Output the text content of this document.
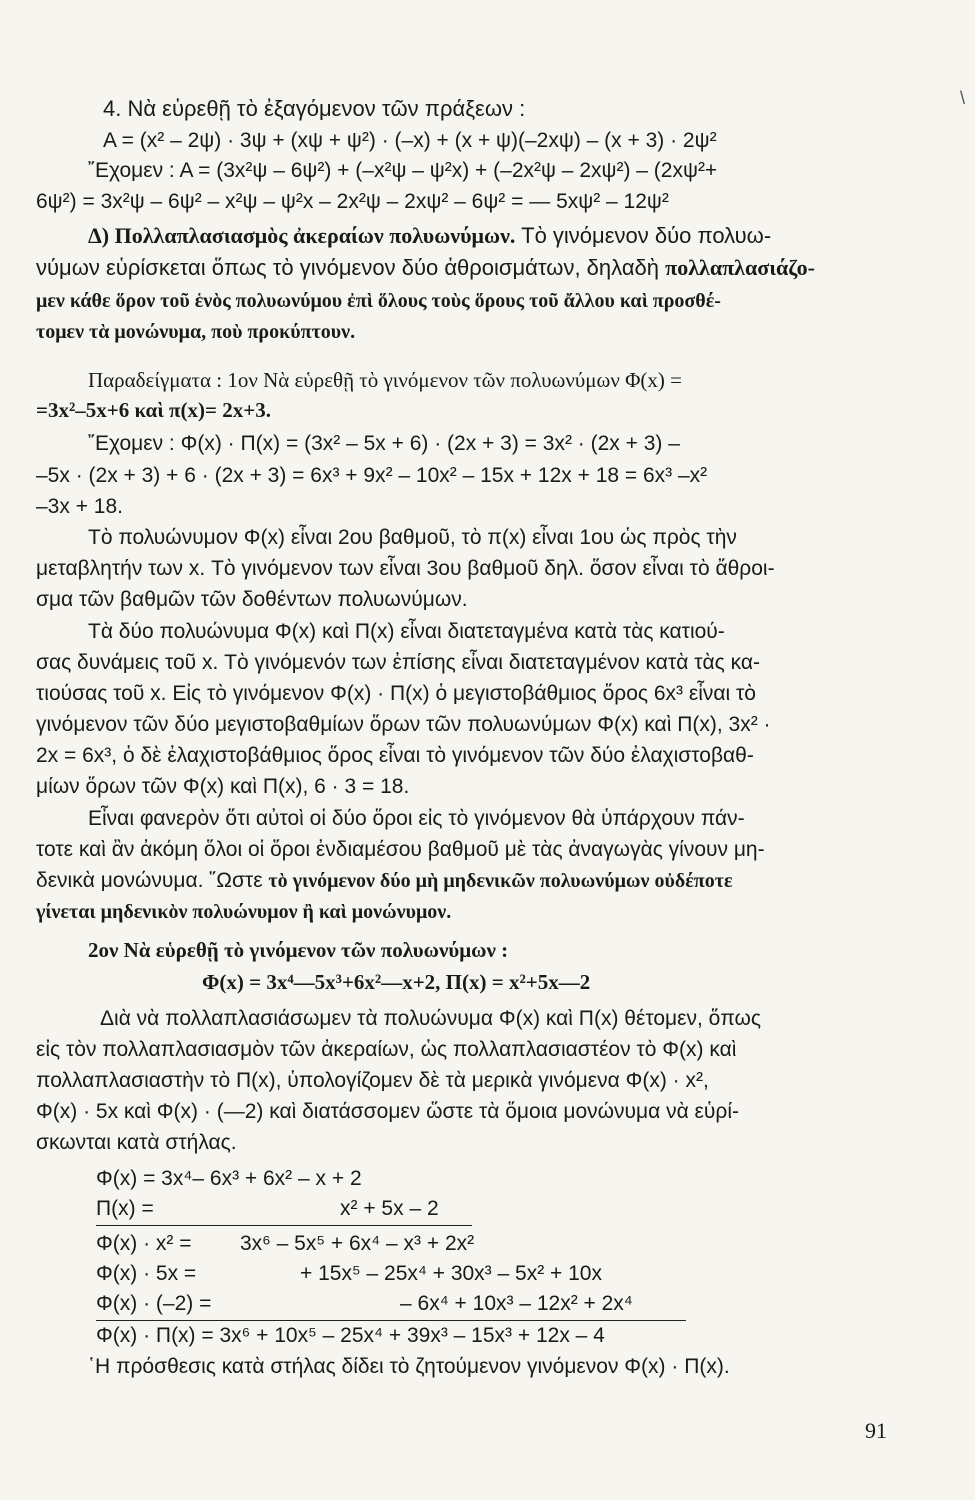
\
4. Νὰ εὑρεθῇ τὸ ἐξαγόμενον τῶν πράξεων :
Α = (x² – 2ψ) · 3ψ + (xψ + ψ²) · (–x) + (x + ψ)(–2xψ) – (x + 3) · 2ψ²
῎Εχομεν : Α = (3x²ψ – 6ψ²) + (–x²ψ – ψ²x) + (–2x²ψ – 2xψ²) – (2xψ²+
6ψ²) = 3x²ψ – 6ψ² – x²ψ – ψ²x – 2x²ψ – 2xψ² – 6ψ² = — 5xψ² – 12ψ²
Δ) Πολλαπλασιασμὸς ἀκεραίων πολυωνύμων. Τὸ γινόμενον δύο πολυω-
νύμων εὑρίσκεται ὅπως τὸ γινόμενον δύο ἀθροισμάτων, δηλαδὴ πολλαπλασιάζο-
μεν κάθε ὅρον τοῦ ἑνὸς πολυωνύμου ἐπὶ ὅλους τοὺς ὅρους τοῦ ἄλλου καὶ προσθέ-
τομεν τὰ μονώνυμα, ποὺ προκύπτουν.
Παραδείγματα : 1ον Νὰ εὑρεθῇ τὸ γινόμενον τῶν πολυωνύμων Φ(x) =
=3x²–5x+6 καὶ π(x)= 2x+3.
῎Εχομεν : Φ(x) · Π(x) = (3x² – 5x + 6) · (2x + 3) = 3x² · (2x + 3) –
–5x · (2x + 3) + 6 · (2x + 3) = 6x³ + 9x² – 10x² – 15x + 12x + 18 = 6x³ –x²
–3x + 18.
Τὸ πολυώνυμον Φ(x) εἶναι 2ου βαθμοῦ, τὸ π(x) εἶναι 1ου ὡς πρὸς τὴν
μεταβλητήν των x. Τὸ γινόμενον των εἶναι 3ου βαθμοῦ δηλ. ὅσον εἶναι τὸ ἄθροι-
σμα τῶν βαθμῶν τῶν δοθέντων πολυωνύμων.
Τὰ δύο πολυώνυμα Φ(x) καὶ Π(x) εἶναι διατεταγμένα κατὰ τὰς κατιού-
σας δυνάμεις τοῦ x. Τὸ γινόμενόν των ἐπίσης εἶναι διατεταγμένον κατὰ τὰς κα-
τιούσας τοῦ x. Εἰς τὸ γινόμενον Φ(x) · Π(x) ὁ μεγιστοβάθμιος ὅρος 6x³ εἶναι τὸ
γινόμενον τῶν δύο μεγιστοβαθμίων ὅρων τῶν πολυωνύμων Φ(x) καὶ Π(x), 3x² ·
2x = 6x³, ὁ δὲ ἐλαχιστοβάθμιος ὅρος εἶναι τὸ γινόμενον τῶν δύο ἐλαχιστοβαθ-
μίων ὅρων τῶν Φ(x) καὶ Π(x), 6 · 3 = 18.
Εἶναι φανερὸν ὅτι αὐτοὶ οἱ δύο ὅροι εἰς τὸ γινόμενον θὰ ὑπάρχουν πάν-
τοτε καὶ ἂν ἀκόμη ὅλοι οἱ ὅροι ἐνδιαμέσου βαθμοῦ μὲ τὰς ἀναγωγὰς γίνουν μη-
δενικὰ μονώνυμα. ῞Ωστε τὸ γινόμενον δύο μὴ μηδενικῶν πολυωνύμων οὐδέποτε
γίνεται μηδενικὸν πολυώνυμον ἢ καὶ μονώνυμον.
2ον Νὰ εὑρεθῇ τὸ γινόμενον τῶν πολυωνύμων :
Φ(x) = 3x⁴—5x³+6x²—x+2, Π(x) = x²+5x—2
Διὰ νὰ πολλαπλασιάσωμεν τὰ πολυώνυμα Φ(x) καὶ Π(x) θέτομεν, ὅπως
εἰς τὸν πολλαπλασιασμὸν τῶν ἀκεραίων, ὡς πολλαπλασιαστέον τὸ Φ(x) καὶ
πολλαπλασιαστὴν τὸ Π(x), ὑπολογίζομεν δὲ τὰ μερικὰ γινόμενα Φ(x) · x²,
Φ(x) · 5x καὶ Φ(x) · (—2) καὶ διατάσσομεν ὥστε τὰ ὅμοια μονώνυμα νὰ εὑρί-
σκωνται κατὰ στήλας.
Φ(x) = 3x⁴– 6x³ + 6x² – x + 2
Π(x) =	x² + 5x – 2
Φ(x) · x² = 3x⁶ – 5x⁵ + 6x⁴ – x³ + 2x²
Φ(x) · 5x =	+ 15x⁵ – 25x⁴ + 30x³ – 5x² + 10x
Φ(x) · (–2) =	– 6x⁴ + 10x³ – 12x² + 2x⁴
Φ(x) · Π(x) = 3x⁶ + 10x⁵ – 25x⁴ + 39x³ – 15x³ + 12x – 4
῾Η πρόσθεσις κατὰ στήλας δίδει τὸ ζητούμενον γινόμενον Φ(x) · Π(x).
91
